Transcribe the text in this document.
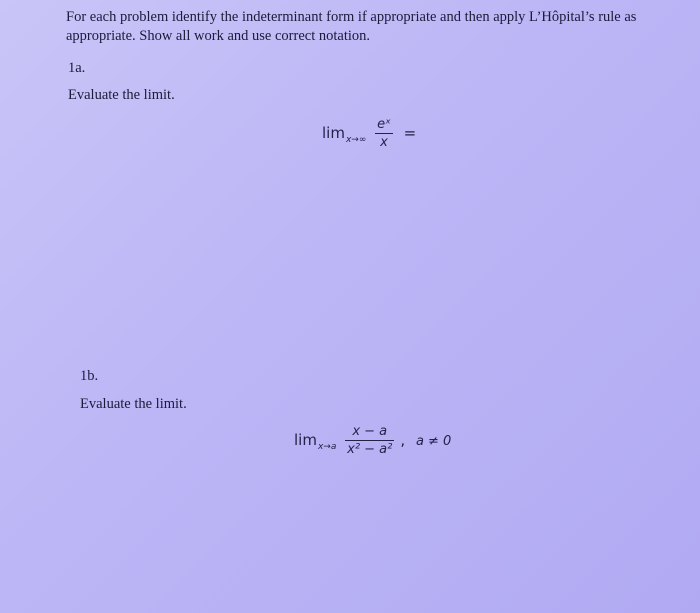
For each problem identify the indeterminant form if appropriate and then apply L’Hôpital’s rule as appropriate. Show all work and use correct notation.
1a.
Evaluate the limit.
$\lim_{x\to\infty} \frac{\text{eˣ}}{x}$ =
1b.
Evaluate the limit.
$\lim_{x\to a} \frac{x - a}{\text{x² − a²}}$ , a ≠ 0
